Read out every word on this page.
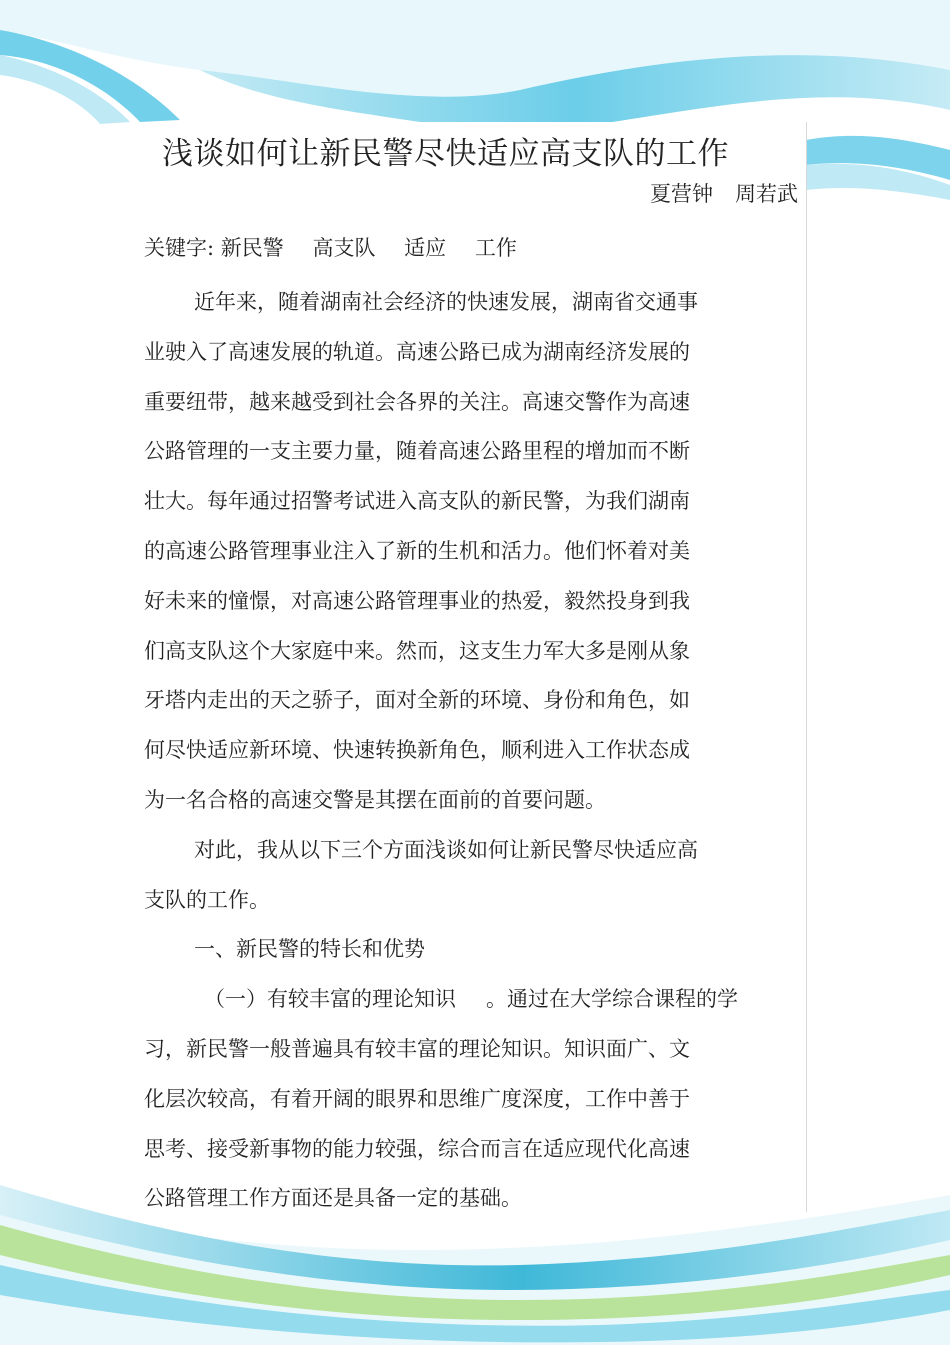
浅谈如何让新民警尽快适应高支队的工作
夏营钟 周若武
关键字: 新民警 高支队 适应 工作
近年来，随着湖南社会经济的快速发展，湖南省交通事
业驶入了高速发展的轨道。高速公路已成为湖南经济发展的
重要纽带，越来越受到社会各界的关注。高速交警作为高速
公路管理的一支主要力量，随着高速公路里程的增加而不断
壮大。每年通过招警考试进入高支队的新民警，为我们湖南
的高速公路管理事业注入了新的生机和活力。他们怀着对美
好未来的憧憬，对高速公路管理事业的热爱，毅然投身到我
们高支队这个大家庭中来。然而，这支生力军大多是刚从象
牙塔内走出的天之骄子，面对全新的环境、身份和角色，如
何尽快适应新环境、快速转换新角色，顺利进入工作状态成
为一名合格的高速交警是其摆在面前的首要问题。
对此，我从以下三个方面浅谈如何让新民警尽快适应高
支队的工作。
一、新民警的特长和优势
（一）有较丰富的理论知识 。通过在大学综合课程的学
习，新民警一般普遍具有较丰富的理论知识。知识面广、文
化层次较高，有着开阔的眼界和思维广度深度，工作中善于
思考、接受新事物的能力较强，综合而言在适应现代化高速
公路管理工作方面还是具备一定的基础。
